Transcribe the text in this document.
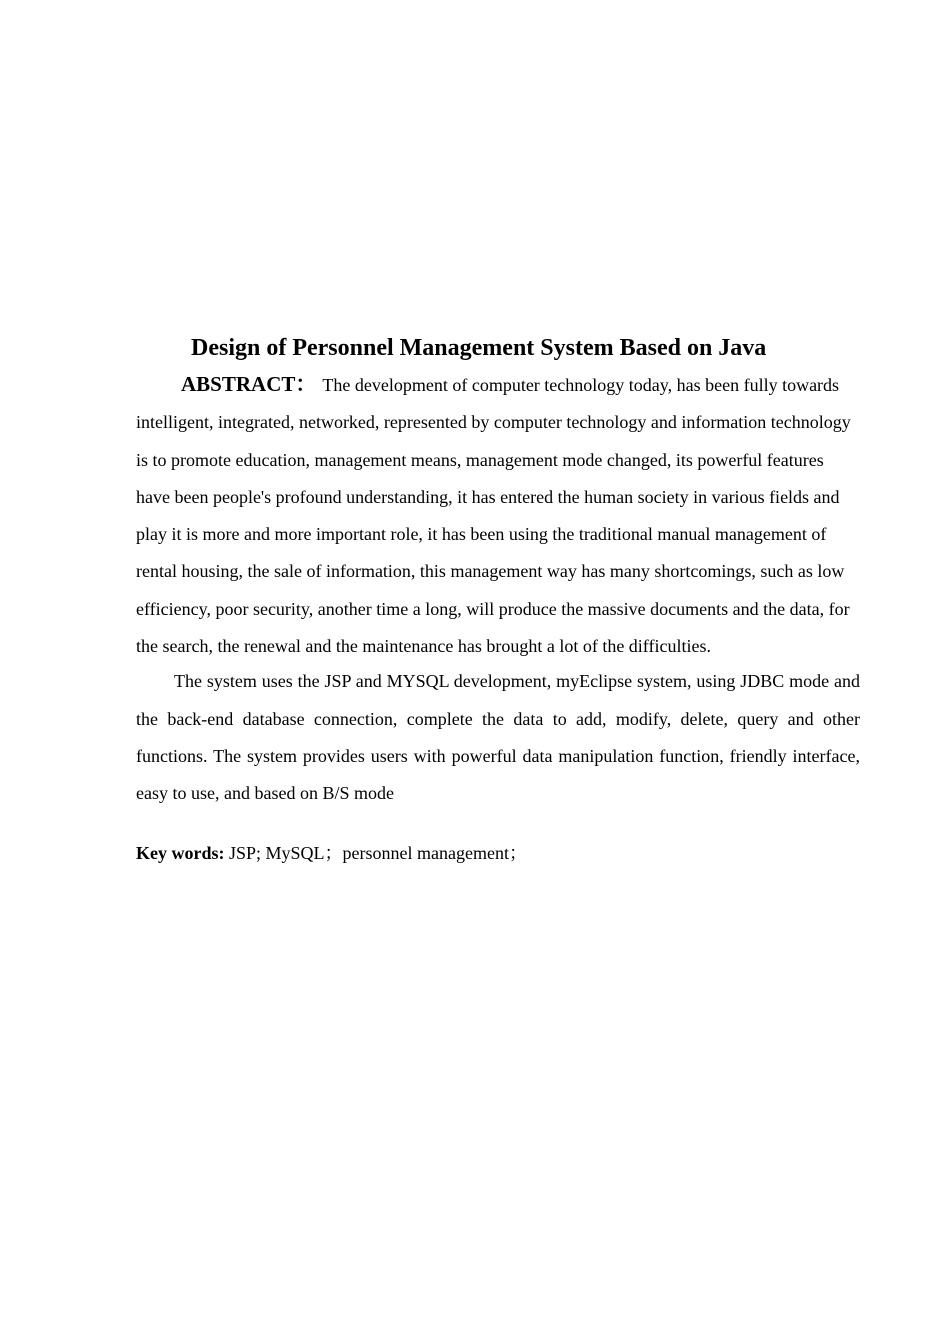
Design of Personnel Management System Based on Java

ABSTRACT： The development of computer technology today, has been fully towards intelligent, integrated, networked, represented by computer technology and information technology is to promote education, management means, management mode changed, its powerful features have been people's profound understanding, it has entered the human society in various fields and play it is more and more important role, it has been using the traditional manual management of rental housing, the sale of information, this management way has many shortcomings, such as low efficiency, poor security, another time a long, will produce the massive documents and the data, for the search, the renewal and the maintenance has brought a lot of the difficulties.

The system uses the JSP and MYSQL development, myEclipse system, using JDBC mode and the back-end database connection, complete the data to add, modify, delete, query and other functions. The system provides users with powerful data manipulation function, friendly interface, easy to use, and based on B/S mode

Key words: JSP; MySQL；personnel management；
